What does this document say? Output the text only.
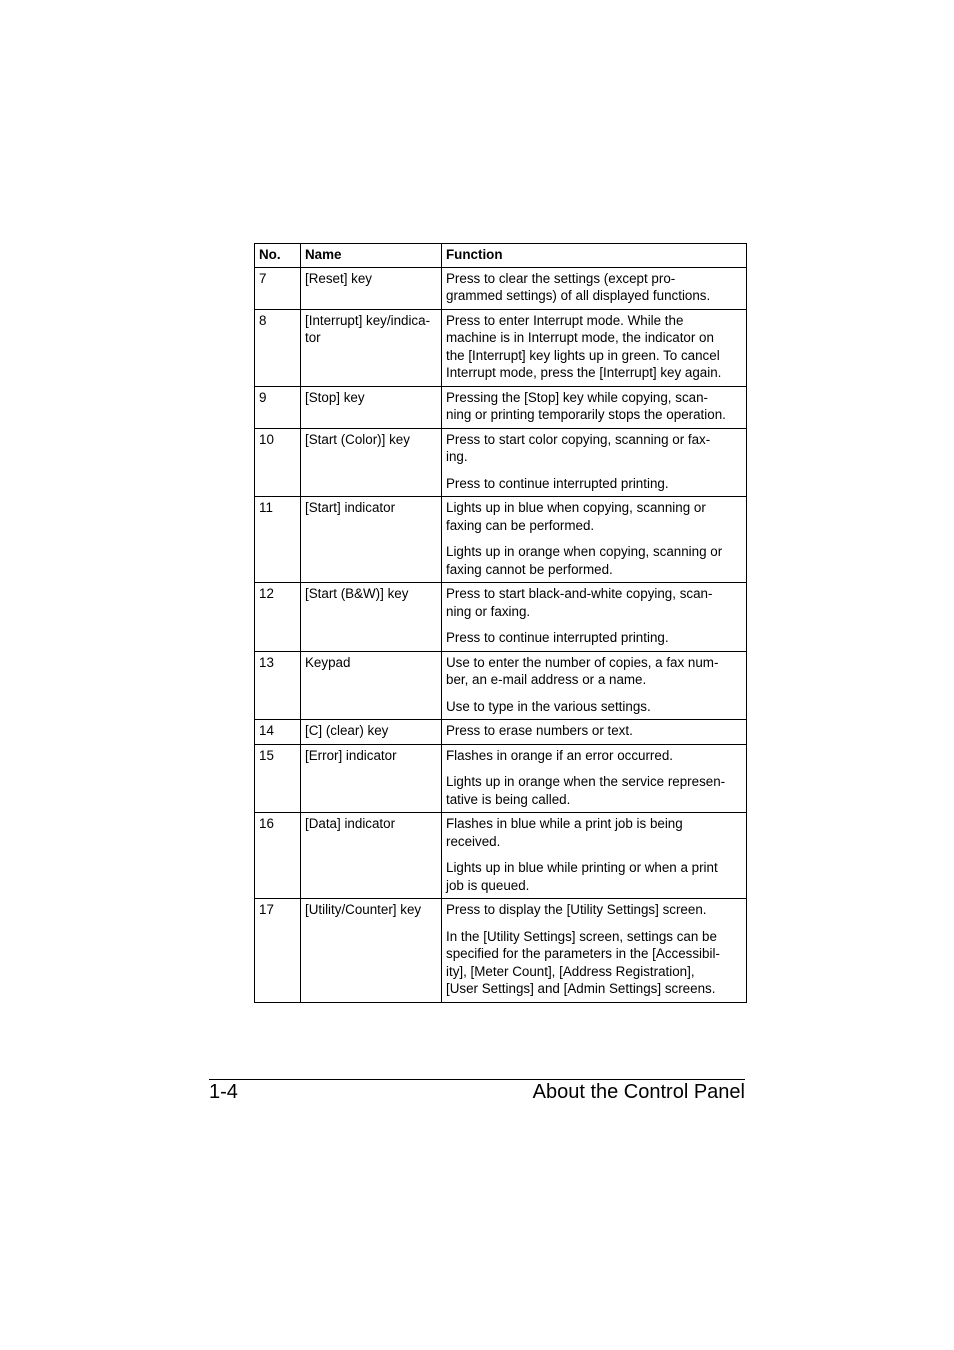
No.	Name	Function
7	[Reset] key	Press to clear the settings (except pro-
grammed settings) of all displayed functions.

8	[Interrupt] key/indica-
tor	Press to enter Interrupt mode. While the
machine is in Interrupt mode, the indicator on
the [Interrupt] key lights up in green. To cancel
Interrupt mode, press the [Interrupt] key again.

9	[Stop] key	Pressing the [Stop] key while copying, scan-
ning or printing temporarily stops the operation.

10	[Start (Color)] key	Press to start color copying, scanning or fax-
ing.
Press to continue interrupted printing.

11	[Start] indicator	Lights up in blue when copying, scanning or
faxing can be performed.
Lights up in orange when copying, scanning or
faxing cannot be performed.

12	[Start (B&W)] key	Press to start black-and-white copying, scan-
ning or faxing.
Press to continue interrupted printing.

13	Keypad	Use to enter the number of copies, a fax num-
ber, an e-mail address or a name.
Use to type in the various settings.

14	[C] (clear) key	Press to erase numbers or text.

15	[Error] indicator	Flashes in orange if an error occurred.
Lights up in orange when the service represen-
tative is being called.

16	[Data] indicator	Flashes in blue while a print job is being
received.
Lights up in blue while printing or when a print
job is queued.

17	[Utility/Counter] key	Press to display the [Utility Settings] screen.
In the [Utility Settings] screen, settings can be
specified for the parameters in the [Accessibil-
ity], [Meter Count], [Address Registration],
[User Settings] and [Admin Settings] screens.
1-4	About the Control Panel
